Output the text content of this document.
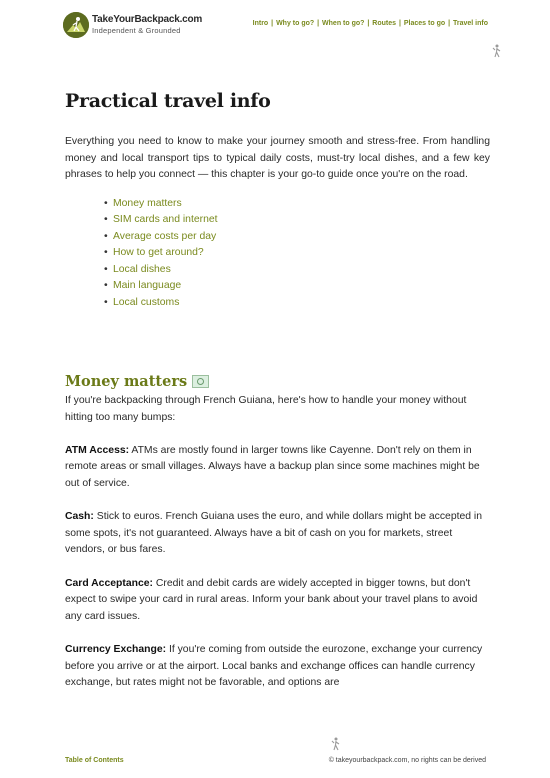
TakeYourBackpack.com
Independent & Grounded
Intro | Why to go? | When to go? | Routes | Places to go | Travel info
Practical travel info
Everything you need to know to make your journey smooth and stress-free. From handling money and local transport tips to typical daily costs, must-try local dishes, and a few key phrases to help you connect — this chapter is your go-to guide once you're on the road.
• Money matters
• SIM cards and internet
• Average costs per day
• How to get around?
• Local dishes
• Main language
• Local customs
Money matters

If you're backpacking through French Guiana, here's how to handle your money without hitting too many bumps:

ATM Access: ATMs are mostly found in larger towns like Cayenne. Don't rely on them in remote areas or small villages. Always have a backup plan since some machines might be out of service.

Cash: Stick to euros. French Guiana uses the euro, and while dollars might be accepted in some spots, it's not guaranteed. Always have a bit of cash on you for markets, street vendors, or bus fares.

Card Acceptance: Credit and debit cards are widely accepted in bigger towns, but don't expect to swipe your card in rural areas. Inform your bank about your travel plans to avoid any card issues.

Currency Exchange: If you're coming from outside the eurozone, exchange your currency before you arrive or at the airport. Local banks and exchange offices can handle currency exchange, but rates might not be favorable, and options are

Table of Contents	© takeyourbackpack.com, no rights can be derived
